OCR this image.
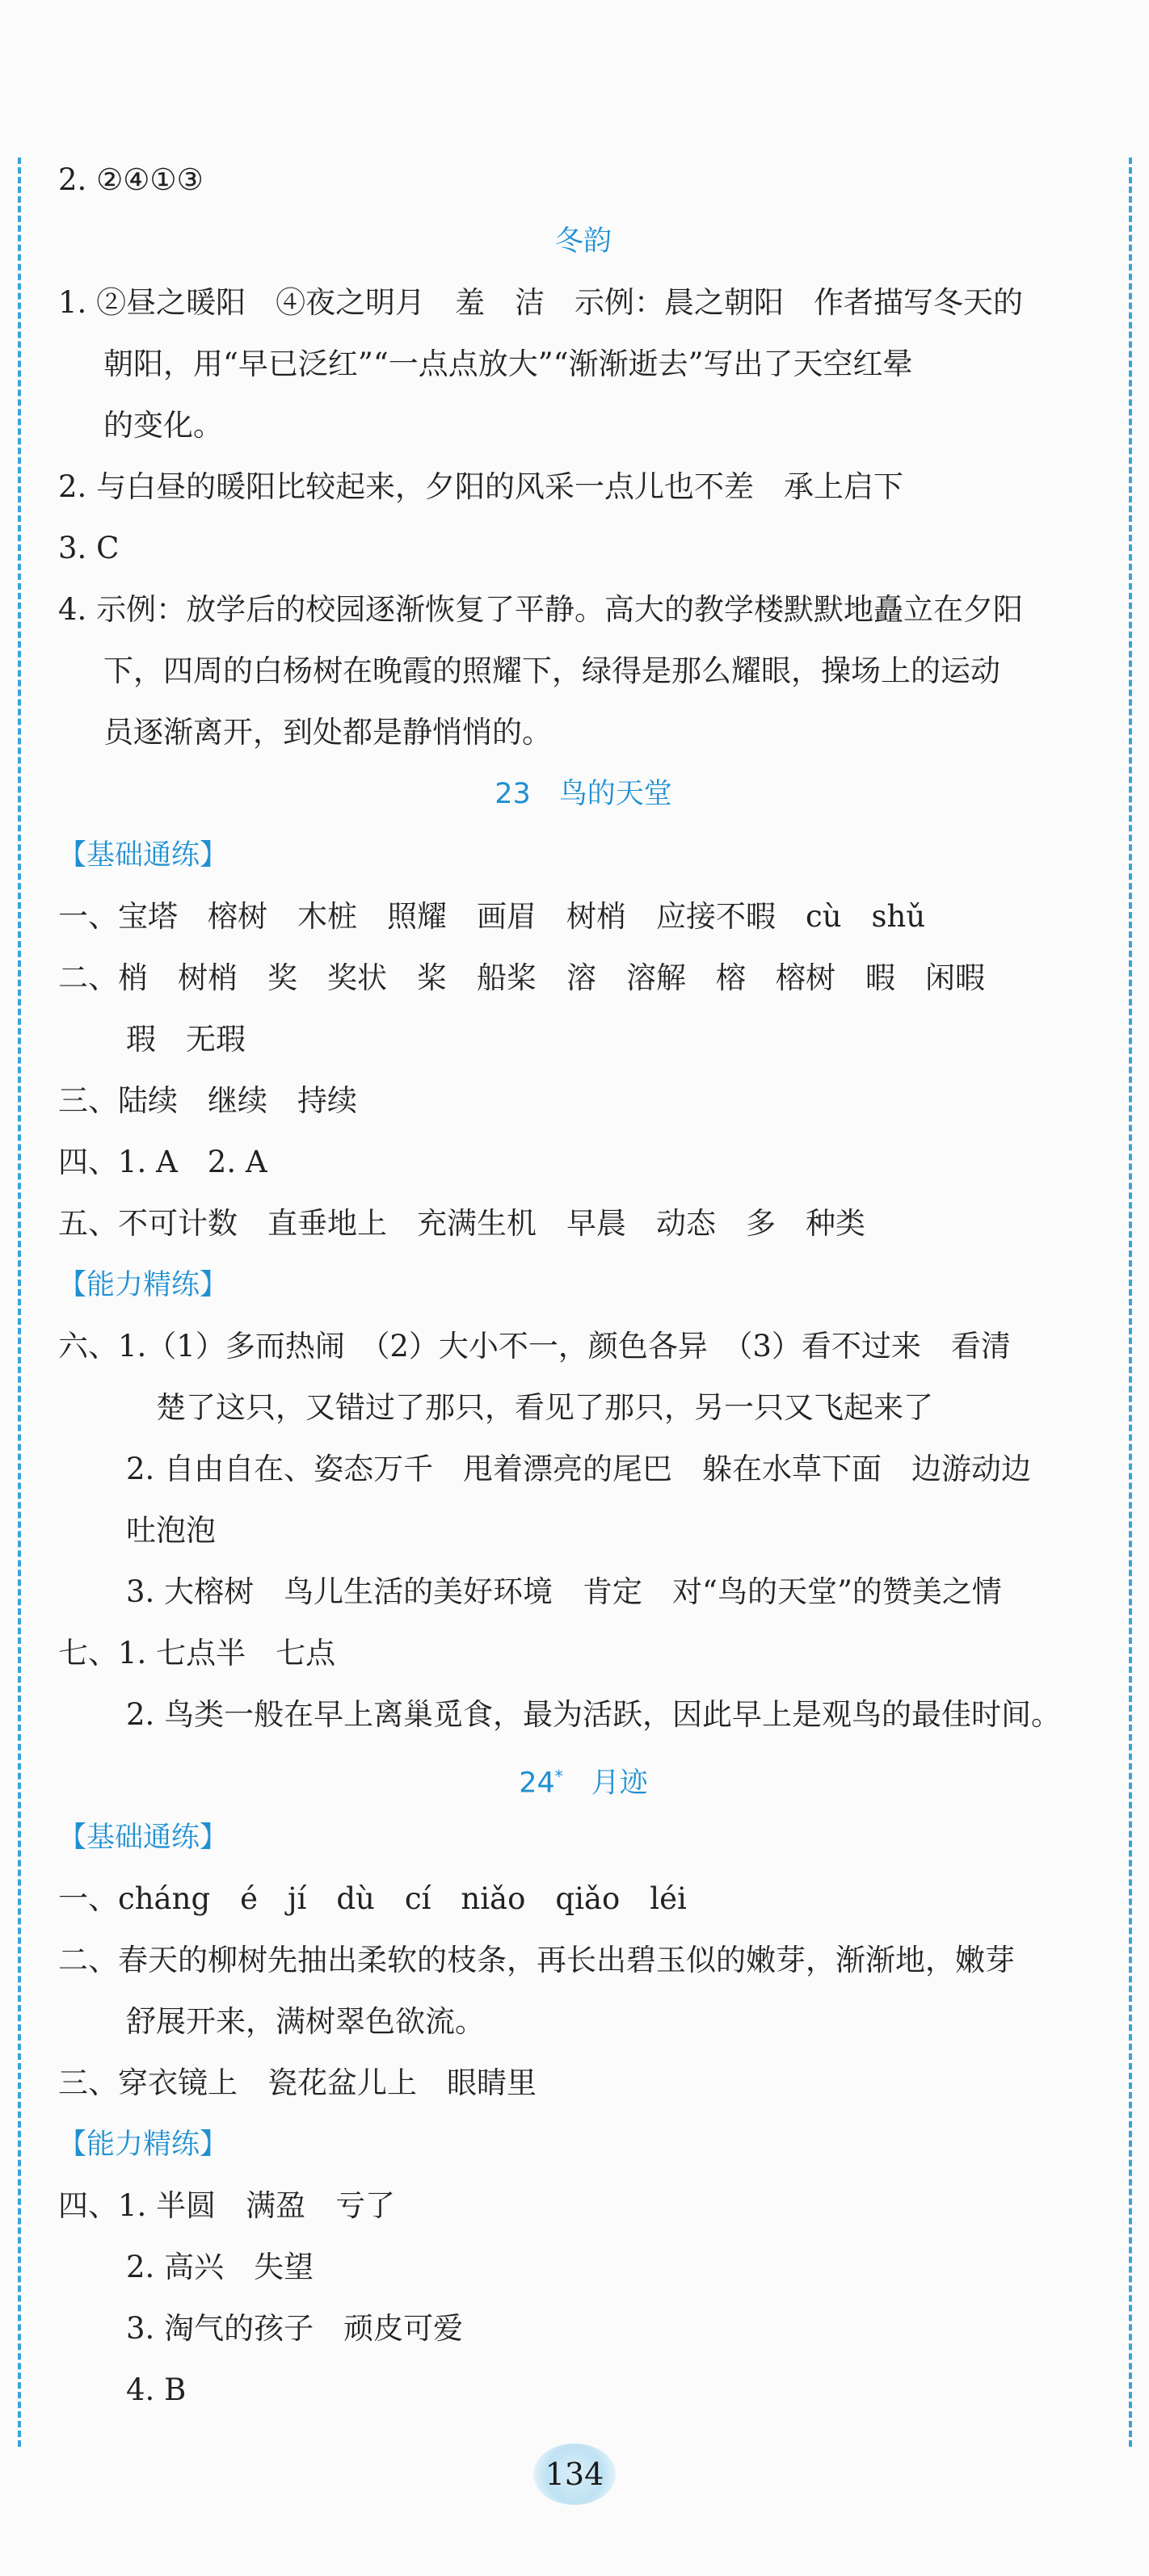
2. ②④①③
冬韵
1. ②昼之暖阳　④夜之明月　羞　洁　示例：晨之朝阳　作者描写冬天的
朝阳，用“早已泛红”“一点点放大”“渐渐逝去”写出了天空红晕
的变化。
2. 与白昼的暖阳比较起来，夕阳的风采一点儿也不差　承上启下
3. C
4. 示例：放学后的校园逐渐恢复了平静。高大的教学楼默默地矗立在夕阳
下，四周的白杨树在晚霞的照耀下，绿得是那么耀眼，操场上的运动
员逐渐离开，到处都是静悄悄的。
23　鸟的天堂
【基础通练】
一、宝塔　榕树　木桩　照耀　画眉　树梢　应接不暇　cù　shǔ
二、梢　树梢　奖　奖状　桨　船桨　溶　溶解　榕　榕树　暇　闲暇
瑕　无瑕
三、陆续　继续　持续
四、1. A　2. A
五、不可计数　直垂地上　充满生机　早晨　动态　多　种类
【能力精练】
六、1.（1）多而热闹　（2）大小不一，颜色各异　（3）看不过来　看清
　楚了这只，又错过了那只，看见了那只，另一只又飞起来了
2. 自由自在、姿态万千　甩着漂亮的尾巴　躲在水草下面　边游动边
吐泡泡
3. 大榕树　鸟儿生活的美好环境　肯定　对“鸟的天堂”的赞美之情
七、1. 七点半　七点
2. 鸟类一般在早上离巢觅食，最为活跃，因此早上是观鸟的最佳时间。
24*　月迹
【基础通练】
一、cháng　é　jí　dù　cí　niǎo　qiǎo　léi
二、春天的柳树先抽出柔软的枝条，再长出碧玉似的嫩芽，渐渐地，嫩芽
舒展开来，满树翠色欲流。
三、穿衣镜上　瓷花盆儿上　眼睛里
【能力精练】
四、1. 半圆　满盈　亏了
2. 高兴　失望
3. 淘气的孩子　顽皮可爱
4. B
134
